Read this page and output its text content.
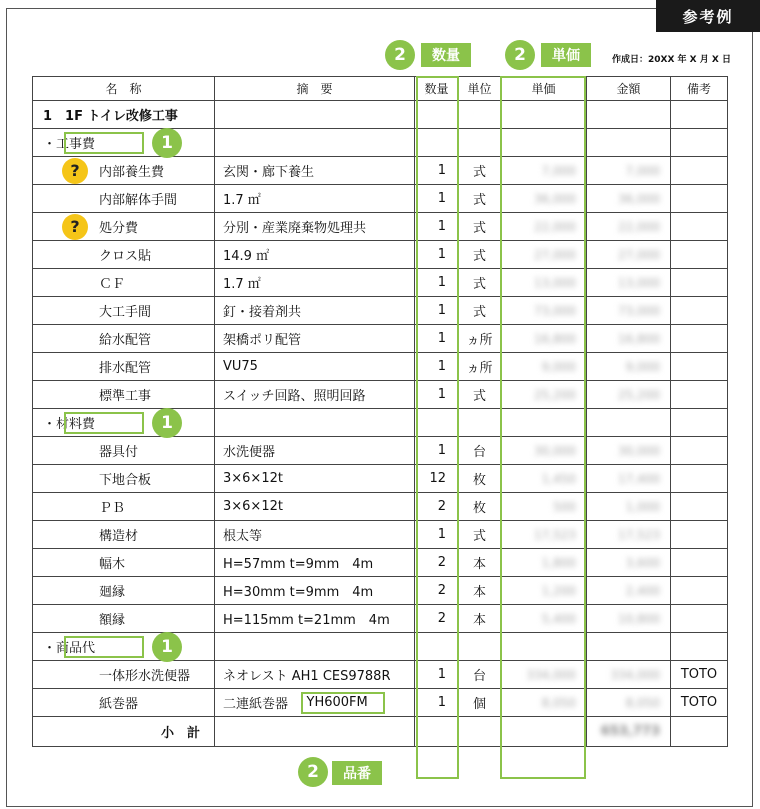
参考例
作成日：20XX 年 X 月 X 日
名　称	摘　要	数量	単位	単価	金額	備考
1　1F トイレ改修工事						
・工事費						
内部養生費	玄関・廊下養生	1	式	7,000	7,000	
内部解体手間	1.7 ㎡	1	式	36,000	36,000	
処分費	分別・産業廃棄物処理共	1	式	22,000	22,000	
クロス貼	14.9 ㎡	1	式	27,000	27,000	
ＣＦ	1.7 ㎡	1	式	13,000	13,000	
大工手間	釘・接着剤共	1	式	73,000	73,000	
給水配管	架橋ポリ配管	1	ヵ所	16,800	16,800	
排水配管	VU75	1	ヵ所	9,000	9,000	
標準工事	スイッチ回路、照明回路	1	式	25,200	25,200	
・材料費						
器具付	水洗便器	1	台	30,000	30,000	
下地合板	3×6×12t	12	枚	1,450	17,400	
ＰＢ	3×6×12t	2	枚	500	1,000	
構造材	根太等	1	式	17,523	17,523	
幅木	H=57mm t=9mm　4m	2	本	1,800	3,600	
廻縁	H=30mm t=9mm　4m	2	本	1,200	2,400	
額縁	H=115mm t=21mm　4m	2	本	5,400	10,800	
・商品代						
一体形水洗便器	ネオレスト AH1 CES9788R	1	台	334,000	334,000	TOTO
紙巻器	二連紙巻器	1	個	8,050	8,050	TOTO
小　計					653,773	
2	数量	2	単価
2	品番
1
?
?
1
1
YH600FM
